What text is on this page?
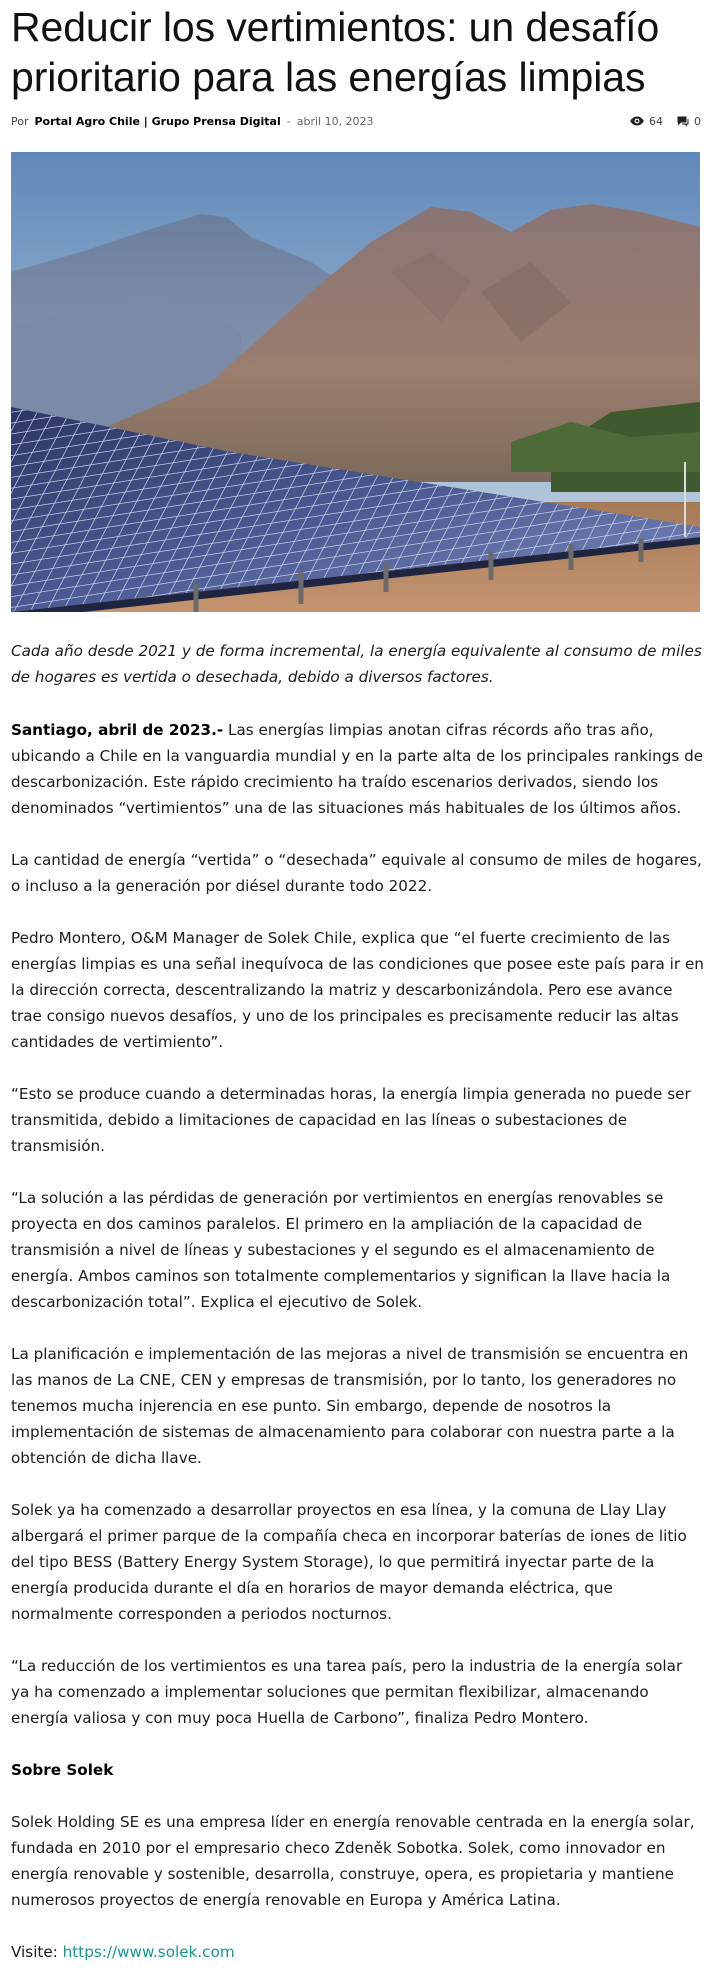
Reducir los vertimientos: un desafío prioritario para las energías limpias
Por Portal Agro Chile | Grupo Prensa Digital - abril 10, 2023	64	0

Cada año desde 2021 y de forma incremental, la energía equivalente al consumo de miles de hogares es vertida o desechada, debido a diversos factores.

Santiago, abril de 2023.- Las energías limpias anotan cifras récords año tras año, ubicando a Chile en la vanguardia mundial y en la parte alta de los principales rankings de descarbonización. Este rápido crecimiento ha traído escenarios derivados, siendo los denominados “vertimientos” una de las situaciones más habituales de los últimos años.

La cantidad de energía “vertida” o “desechada” equivale al consumo de miles de hogares, o incluso a la generación por diésel durante todo 2022.

Pedro Montero, O&M Manager de Solek Chile, explica que “el fuerte crecimiento de las energías limpias es una señal inequívoca de las condiciones que posee este país para ir en la dirección correcta, descentralizando la matriz y descarbonizándola. Pero ese avance trae consigo nuevos desafíos, y uno de los principales es precisamente reducir las altas cantidades de vertimiento”.

“Esto se produce cuando a determinadas horas, la energía limpia generada no puede ser transmitida, debido a limitaciones de capacidad en las líneas o subestaciones de transmisión.

“La solución a las pérdidas de generación por vertimientos en energías renovables se proyecta en dos caminos paralelos. El primero en la ampliación de la capacidad de transmisión a nivel de líneas y subestaciones y el segundo es el almacenamiento de energía. Ambos caminos son totalmente complementarios y significan la llave hacia la descarbonización total”. Explica el ejecutivo de Solek.

La planificación e implementación de las mejoras a nivel de transmisión se encuentra en las manos de La CNE, CEN y empresas de transmisión, por lo tanto, los generadores no tenemos mucha injerencia en ese punto. Sin embargo, depende de nosotros la implementación de sistemas de almacenamiento para colaborar con nuestra parte a la obtención de dicha llave.

Solek ya ha comenzado a desarrollar proyectos en esa línea, y la comuna de Llay Llay albergará el primer parque de la compañía checa en incorporar baterías de iones de litio del tipo BESS (Battery Energy System Storage), lo que permitirá inyectar parte de la energía producida durante el día en horarios de mayor demanda eléctrica, que normalmente corresponden a periodos nocturnos.

“La reducción de los vertimientos es una tarea país, pero la industria de la energía solar ya ha comenzado a implementar soluciones que permitan flexibilizar, almacenando energía valiosa y con muy poca Huella de Carbono”, finaliza Pedro Montero.

Sobre Solek

Solek Holding SE es una empresa líder en energía renovable centrada en la energía solar, fundada en 2010 por el empresario checo Zdeněk Sobotka. Solek, como innovador en energía renovable y sostenible, desarrolla, construye, opera, es propietaria y mantiene numerosos proyectos de energía renovable en Europa y América Latina.

Visite: https://www.solek.com
